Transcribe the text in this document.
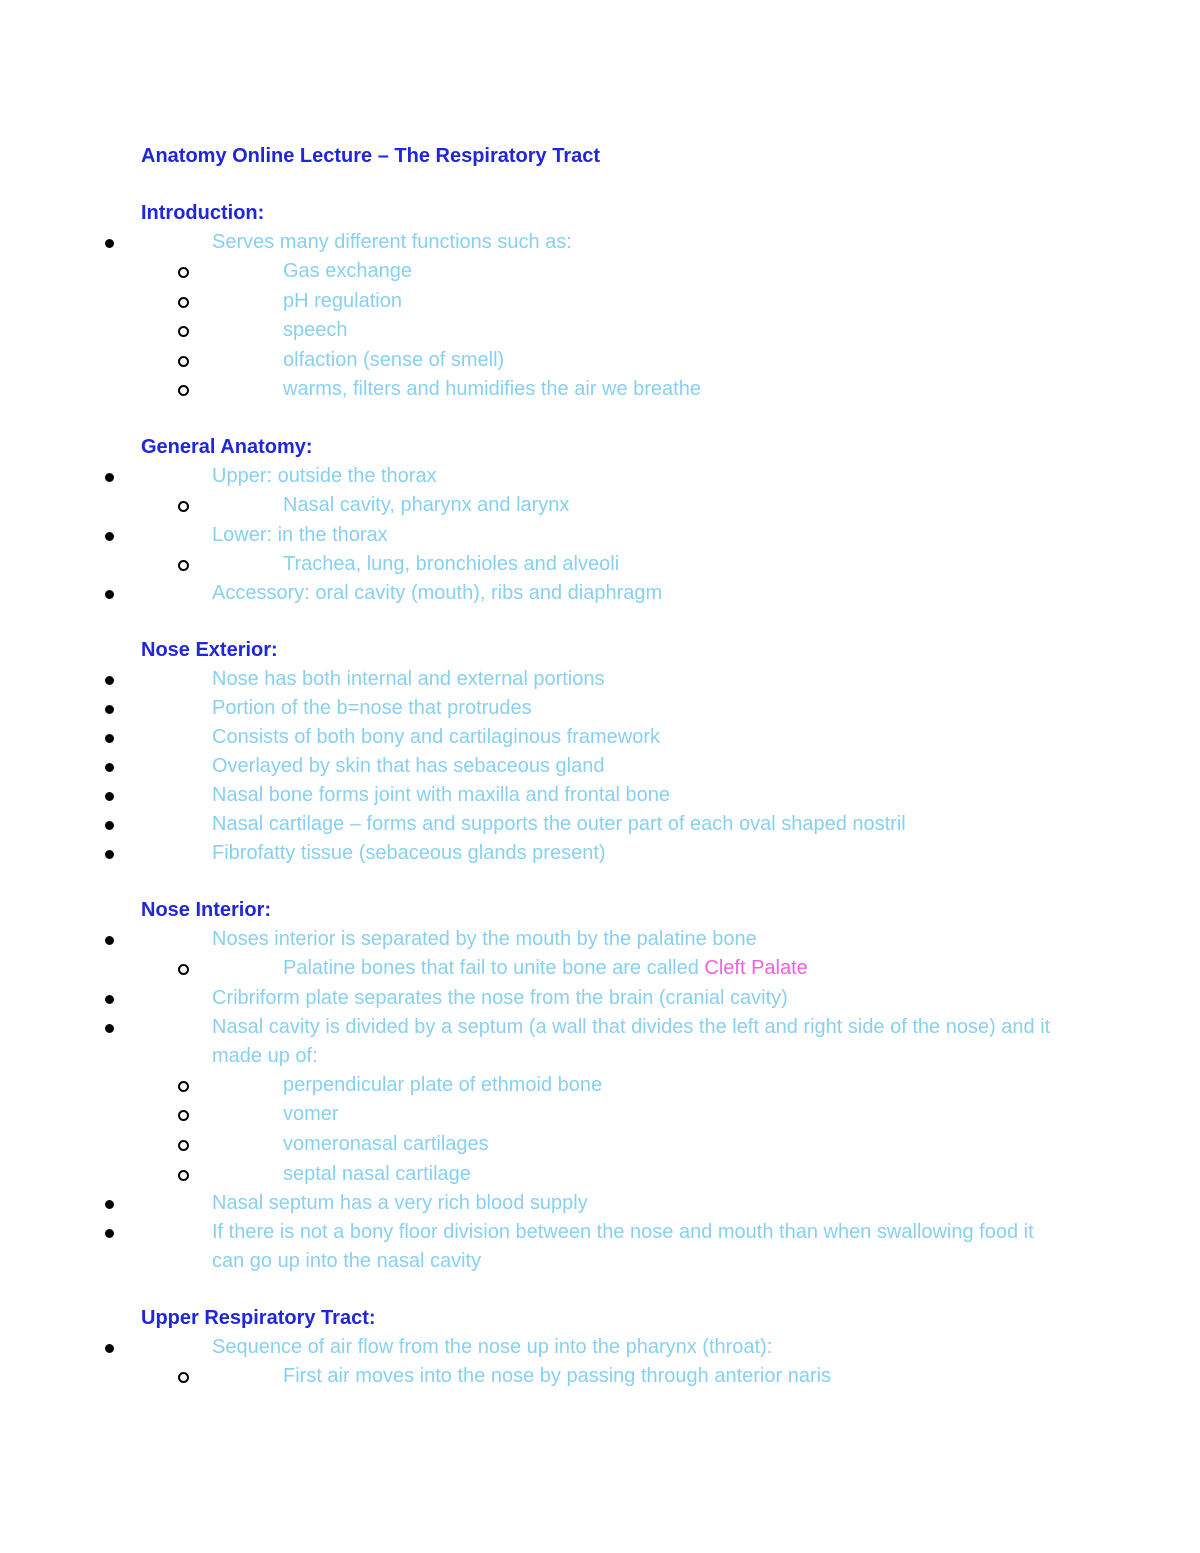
Anatomy Online Lecture – The Respiratory Tract
Introduction:
Serves many different functions such as:
Gas exchange
pH regulation
speech
olfaction (sense of smell)
warms, filters and humidifies the air we breathe
General Anatomy:
Upper: outside the thorax
Nasal cavity, pharynx and larynx
Lower: in the thorax
Trachea, lung, bronchioles and alveoli
Accessory: oral cavity (mouth), ribs and diaphragm
Nose Exterior:
Nose has both internal and external portions
Portion of the b=nose that protrudes
Consists of both bony and cartilaginous framework
Overlayed by skin that has sebaceous gland
Nasal bone forms joint with maxilla and frontal bone
Nasal cartilage – forms and supports the outer part of each oval shaped nostril
Fibrofatty tissue (sebaceous glands present)
Nose Interior:
Noses interior is separated by the mouth by the palatine bone
Palatine bones that fail to unite bone are called Cleft Palate
Cribriform plate separates the nose from the brain (cranial cavity)
Nasal cavity is divided by a septum (a wall that divides the left and right side of the nose) and it made up of:
perpendicular plate of ethmoid bone
vomer
vomeronasal cartilages
septal nasal cartilage
Nasal septum has a very rich blood supply
If there is not a bony floor division between the nose and mouth than when swallowing food it can go up into the nasal cavity
Upper Respiratory Tract:
Sequence of air flow from the nose up into the pharynx (throat):
First air moves into the nose by passing through anterior naris
